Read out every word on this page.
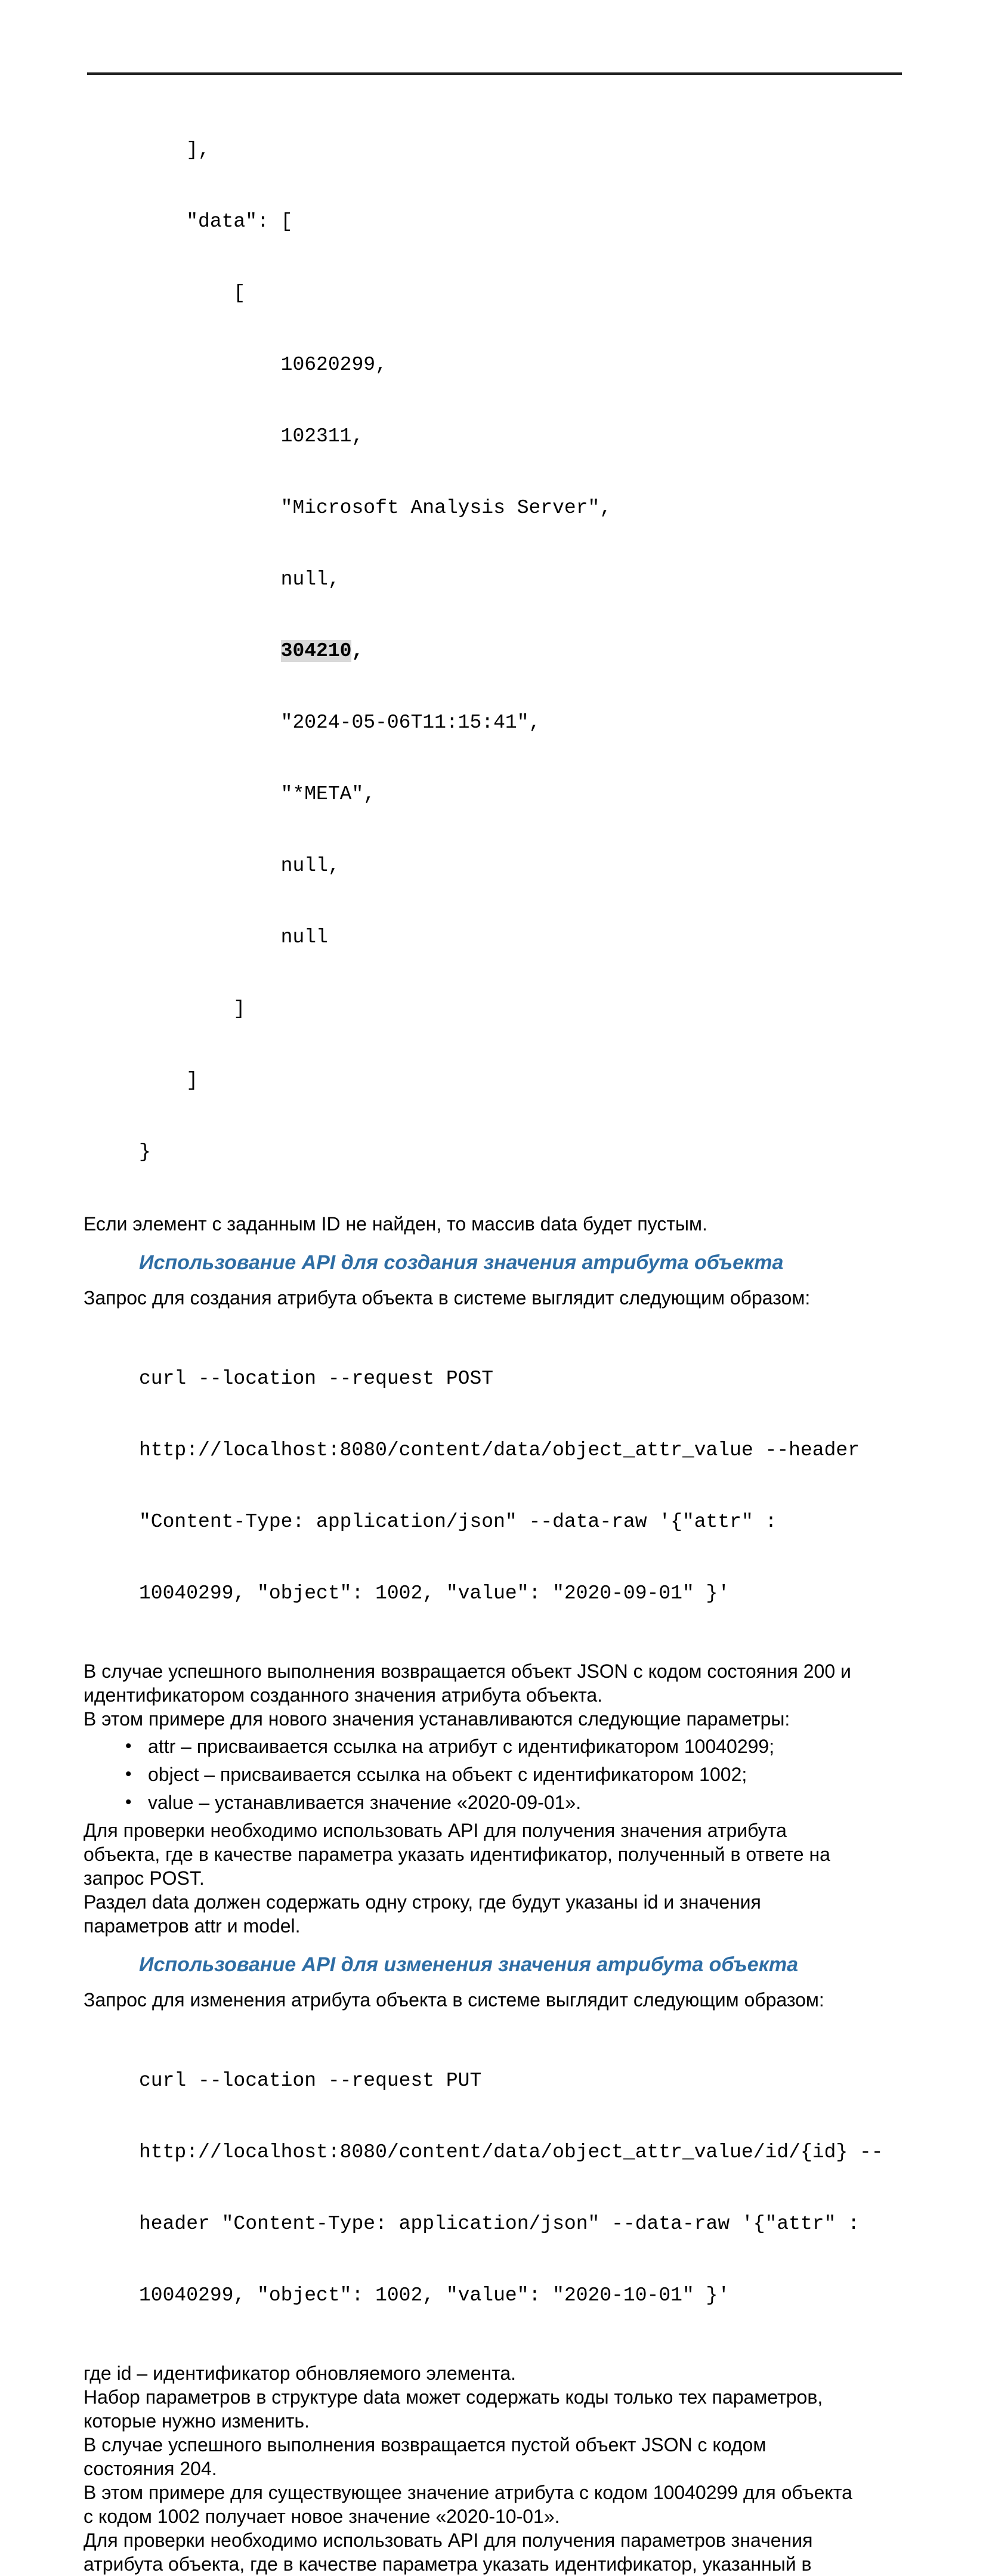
],

"data": [

[

10620299,

102311,

"Microsoft Analysis Server",

null,

304210,

"2024-05-06T11:15:41",

"*META",

null,

null

]

]

}

Если элемент с заданным ID не найден, то массив data будет пустым.
Использование API для создания значения атрибута объекта
Запрос для создания атрибута объекта в системе выглядит следующим образом:

curl --location --request POST

http://localhost:8080/content/data/object_attr_value --header

"Content-Type: application/json" --data-raw '{"attr" :

10040299, "object": 1002, "value": "2020-09-01" }'

В случае успешного выполнения возвращается объект JSON с кодом состояния 200 и
идентификатором созданного значения атрибута объекта.
В этом примере для нового значения устанавливаются следующие параметры:
• attr – присваивается ссылка на атрибут с идентификатором 10040299;
• object – присваивается ссылка на объект с идентификатором 1002;
• value – устанавливается значение «2020-09-01».
Для проверки необходимо использовать API для получения значения атрибута
объекта, где в качестве параметра указать идентификатор, полученный в ответе на
запрос POST.
Раздел data должен содержать одну строку, где будут указаны id и значения
параметров attr и model.
Использование API для изменения значения атрибута объекта
Запрос для изменения атрибута объекта в системе выглядит следующим образом:

curl --location --request PUT

http://localhost:8080/content/data/object_attr_value/id/{id} --

header "Content-Type: application/json" --data-raw '{"attr" :

10040299, "object": 1002, "value": "2020-10-01" }'

где id – идентификатор обновляемого элемента.
Набор параметров в структуре data может содержать коды только тех параметров,
которые нужно изменить.
В случае успешного выполнения возвращается пустой объект JSON с кодом
состояния 204.
В этом примере для существующее значение атрибута с кодом 10040299 для объекта
с кодом 1002 получает новое значение «2020-10-01».
Для проверки необходимо использовать API для получения параметров значения
атрибута объекта, где в качестве параметра указать идентификатор, указанный в
